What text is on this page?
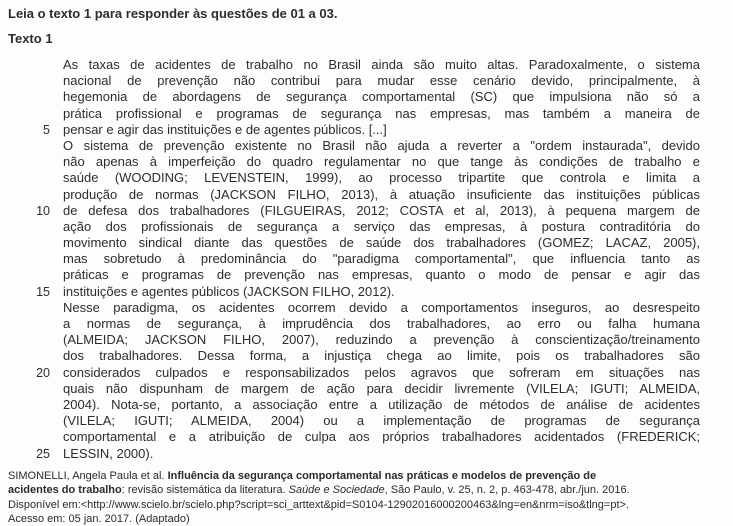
Leia o texto 1 para responder às questões de 01 a 03.
Texto 1
As taxas de acidentes de trabalho no Brasil ainda são muito altas. Paradoxalmente, o sistema
nacional de prevenção não contribui para mudar esse cenário devido, principalmente, à
hegemonia de abordagens de segurança comportamental (SC) que impulsiona não só a
prática profissional e programas de segurança nas empresas, mas também a maneira de
5	pensar e agir das instituições e de agentes públicos. [...]
O sistema de prevenção existente no Brasil não ajuda a reverter a "ordem instaurada", devido
não apenas à imperfeição do quadro regulamentar no que tange às condições de trabalho e
saúde (WOODING; LEVENSTEIN, 1999), ao processo tripartite que controla e limita a
produção de normas (JACKSON FILHO, 2013), à atuação insuficiente das instituições públicas
10	de defesa dos trabalhadores (FILGUEIRAS, 2012; COSTA et al, 2013), à pequena margem de
ação dos profissionais de segurança a serviço das empresas, à postura contraditória do
movimento sindical diante das questões de saúde dos trabalhadores (GOMEZ; LACAZ, 2005),
mas sobretudo à predominância do "paradigma comportamental", que influencia tanto as
práticas e programas de prevenção nas empresas, quanto o modo de pensar e agir das
15	instituições e agentes públicos (JACKSON FILHO, 2012).
Nesse paradigma, os acidentes ocorrem devido a comportamentos inseguros, ao desrespeito
a normas de segurança, à imprudência dos trabalhadores, ao erro ou falha humana
(ALMEIDA; JACKSON FILHO, 2007), reduzindo a prevenção à conscientização/treinamento
dos trabalhadores. Dessa forma, a injustiça chega ao limite, pois os trabalhadores são
20	considerados culpados e responsabilizados pelos agravos que sofreram em situações nas
quais não dispunham de margem de ação para decidir livremente (VILELA; IGUTI; ALMEIDA,
2004). Nota-se, portanto, a associação entre a utilização de métodos de análise de acidentes
(VILELA; IGUTI; ALMEIDA, 2004) ou a implementação de programas de segurança
comportamental e a atribuição de culpa aos próprios trabalhadores acidentados (FREDERICK;
25	LESSIN, 2000).
SIMONELLI, Angela Paula et al. Influência da segurança comportamental nas práticas e modelos de prevenção de
acidentes do trabalho: revisão sistemática da literatura. Saúde e Sociedade, São Paulo, v. 25, n. 2, p. 463-478, abr./jun. 2016.
Disponível em:<http://www.scielo.br/scielo.php?script=sci_arttext&pid=S0104-12902016000200463&lng=en&nrm=iso&tlng=pt>.
Acesso em: 05 jan. 2017. (Adaptado)
